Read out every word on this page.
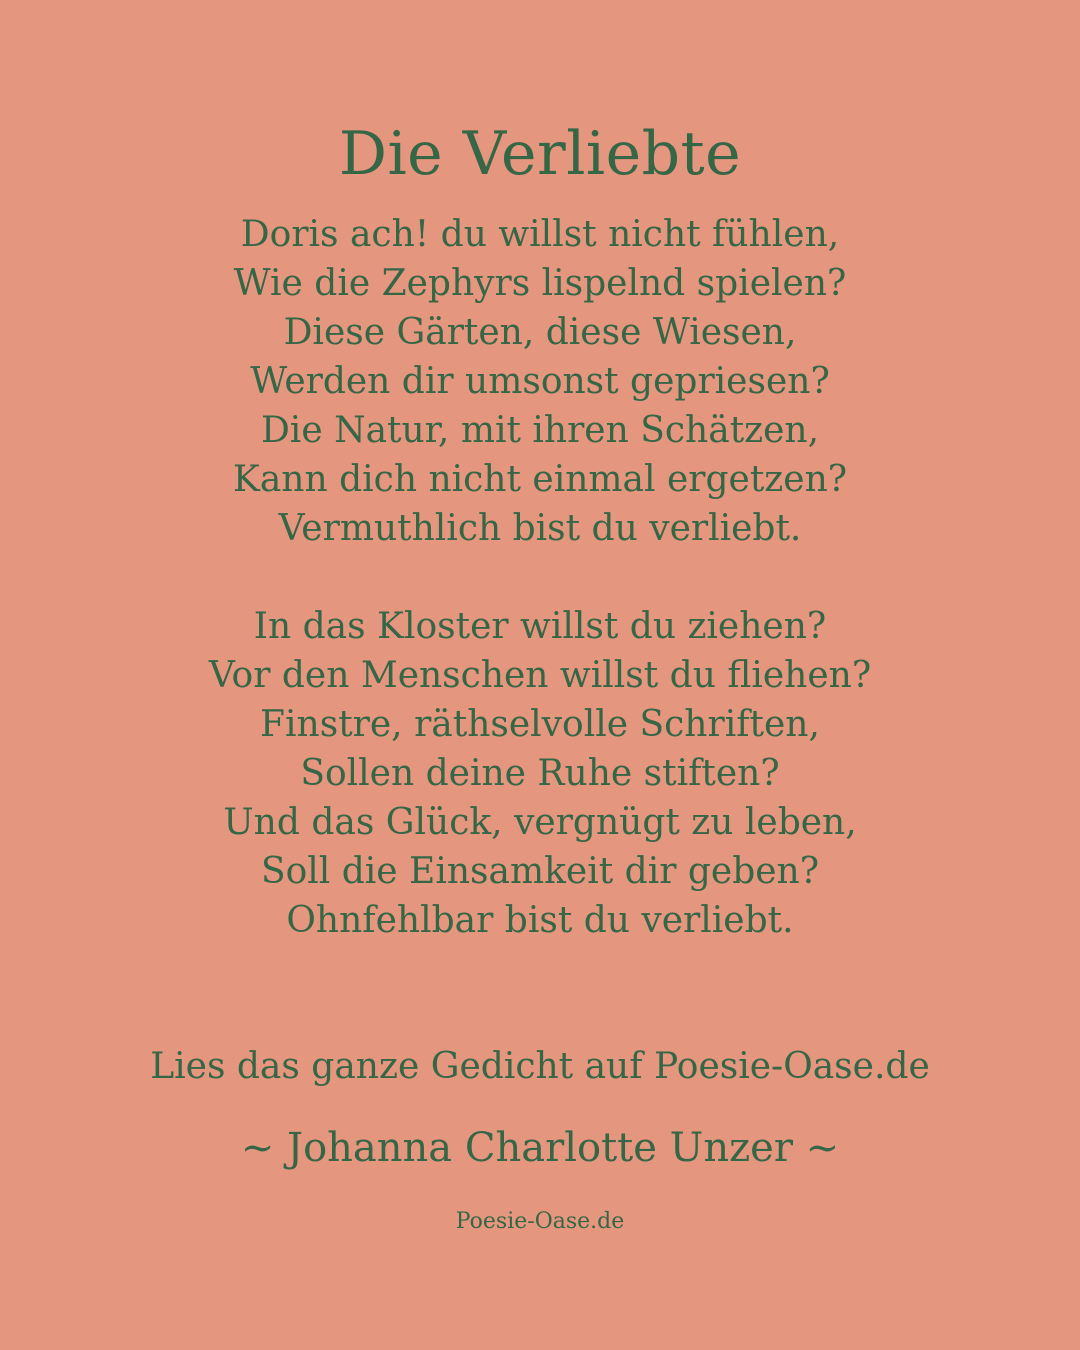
Die Verliebte
Doris ach! du willst nicht fühlen,
Wie die Zephyrs lispelnd spielen?
Diese Gärten, diese Wiesen,
Werden dir umsonst gepriesen?
Die Natur, mit ihren Schätzen,
Kann dich nicht einmal ergetzen?
Vermuthlich bist du verliebt.
In das Kloster willst du ziehen?
Vor den Menschen willst du fliehen?
Finstre, räthselvolle Schriften,
Sollen deine Ruhe stiften?
Und das Glück, vergnügt zu leben,
Soll die Einsamkeit dir geben?
Ohnfehlbar bist du verliebt.
Lies das ganze Gedicht auf Poesie-Oase.de
~ Johanna Charlotte Unzer ~
Poesie-Oase.de
